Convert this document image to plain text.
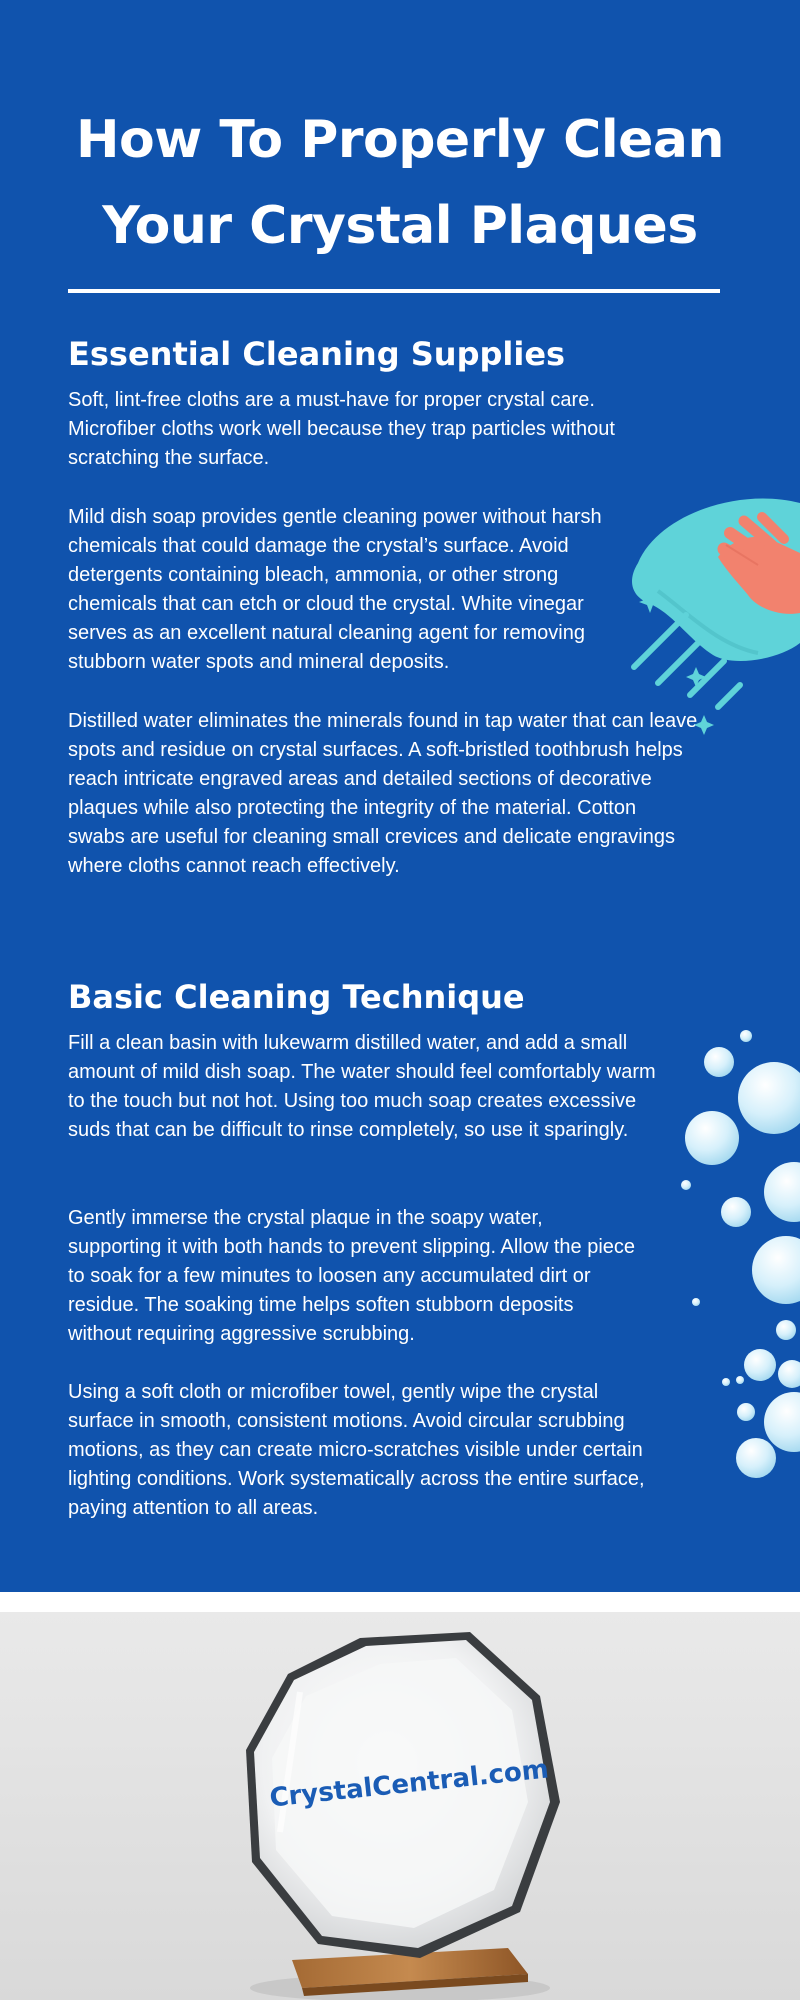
How To Properly Clean Your Crystal Plaques
Essential Cleaning Supplies

Soft, lint-free cloths are a must-have for proper crystal care. Microfiber cloths work well because they trap particles without scratching the surface.

Mild dish soap provides gentle cleaning power without harsh chemicals that could damage the crystal’s surface. Avoid detergents containing bleach, ammonia, or other strong chemicals that can etch or cloud the crystal. White vinegar serves as an excellent natural cleaning agent for removing stubborn water spots and mineral deposits.

Distilled water eliminates the minerals found in tap water that can leave spots and residue on crystal surfaces. A soft-bristled toothbrush helps reach intricate engraved areas and detailed sections of decorative plaques while also protecting the integrity of the material. Cotton swabs are useful for cleaning small crevices and delicate engravings where cloths cannot reach effectively.

Basic Cleaning Technique

Fill a clean basin with lukewarm distilled water, and add a small amount of mild dish soap. The water should feel comfortably warm to the touch but not hot. Using too much soap creates excessive suds that can be difficult to rinse completely, so use it sparingly.

Gently immerse the crystal plaque in the soapy water, supporting it with both hands to prevent slipping. Allow the piece to soak for a few minutes to loosen any accumulated dirt or residue. The soaking time helps soften stubborn deposits without requiring aggressive scrubbing.

Using a soft cloth or microfiber towel, gently wipe the crystal surface in smooth, consistent motions. Avoid circular scrubbing motions, as they can create micro-scratches visible under certain lighting conditions. Work systematically across the entire surface, paying attention to all areas.

CrystalCentral.com
